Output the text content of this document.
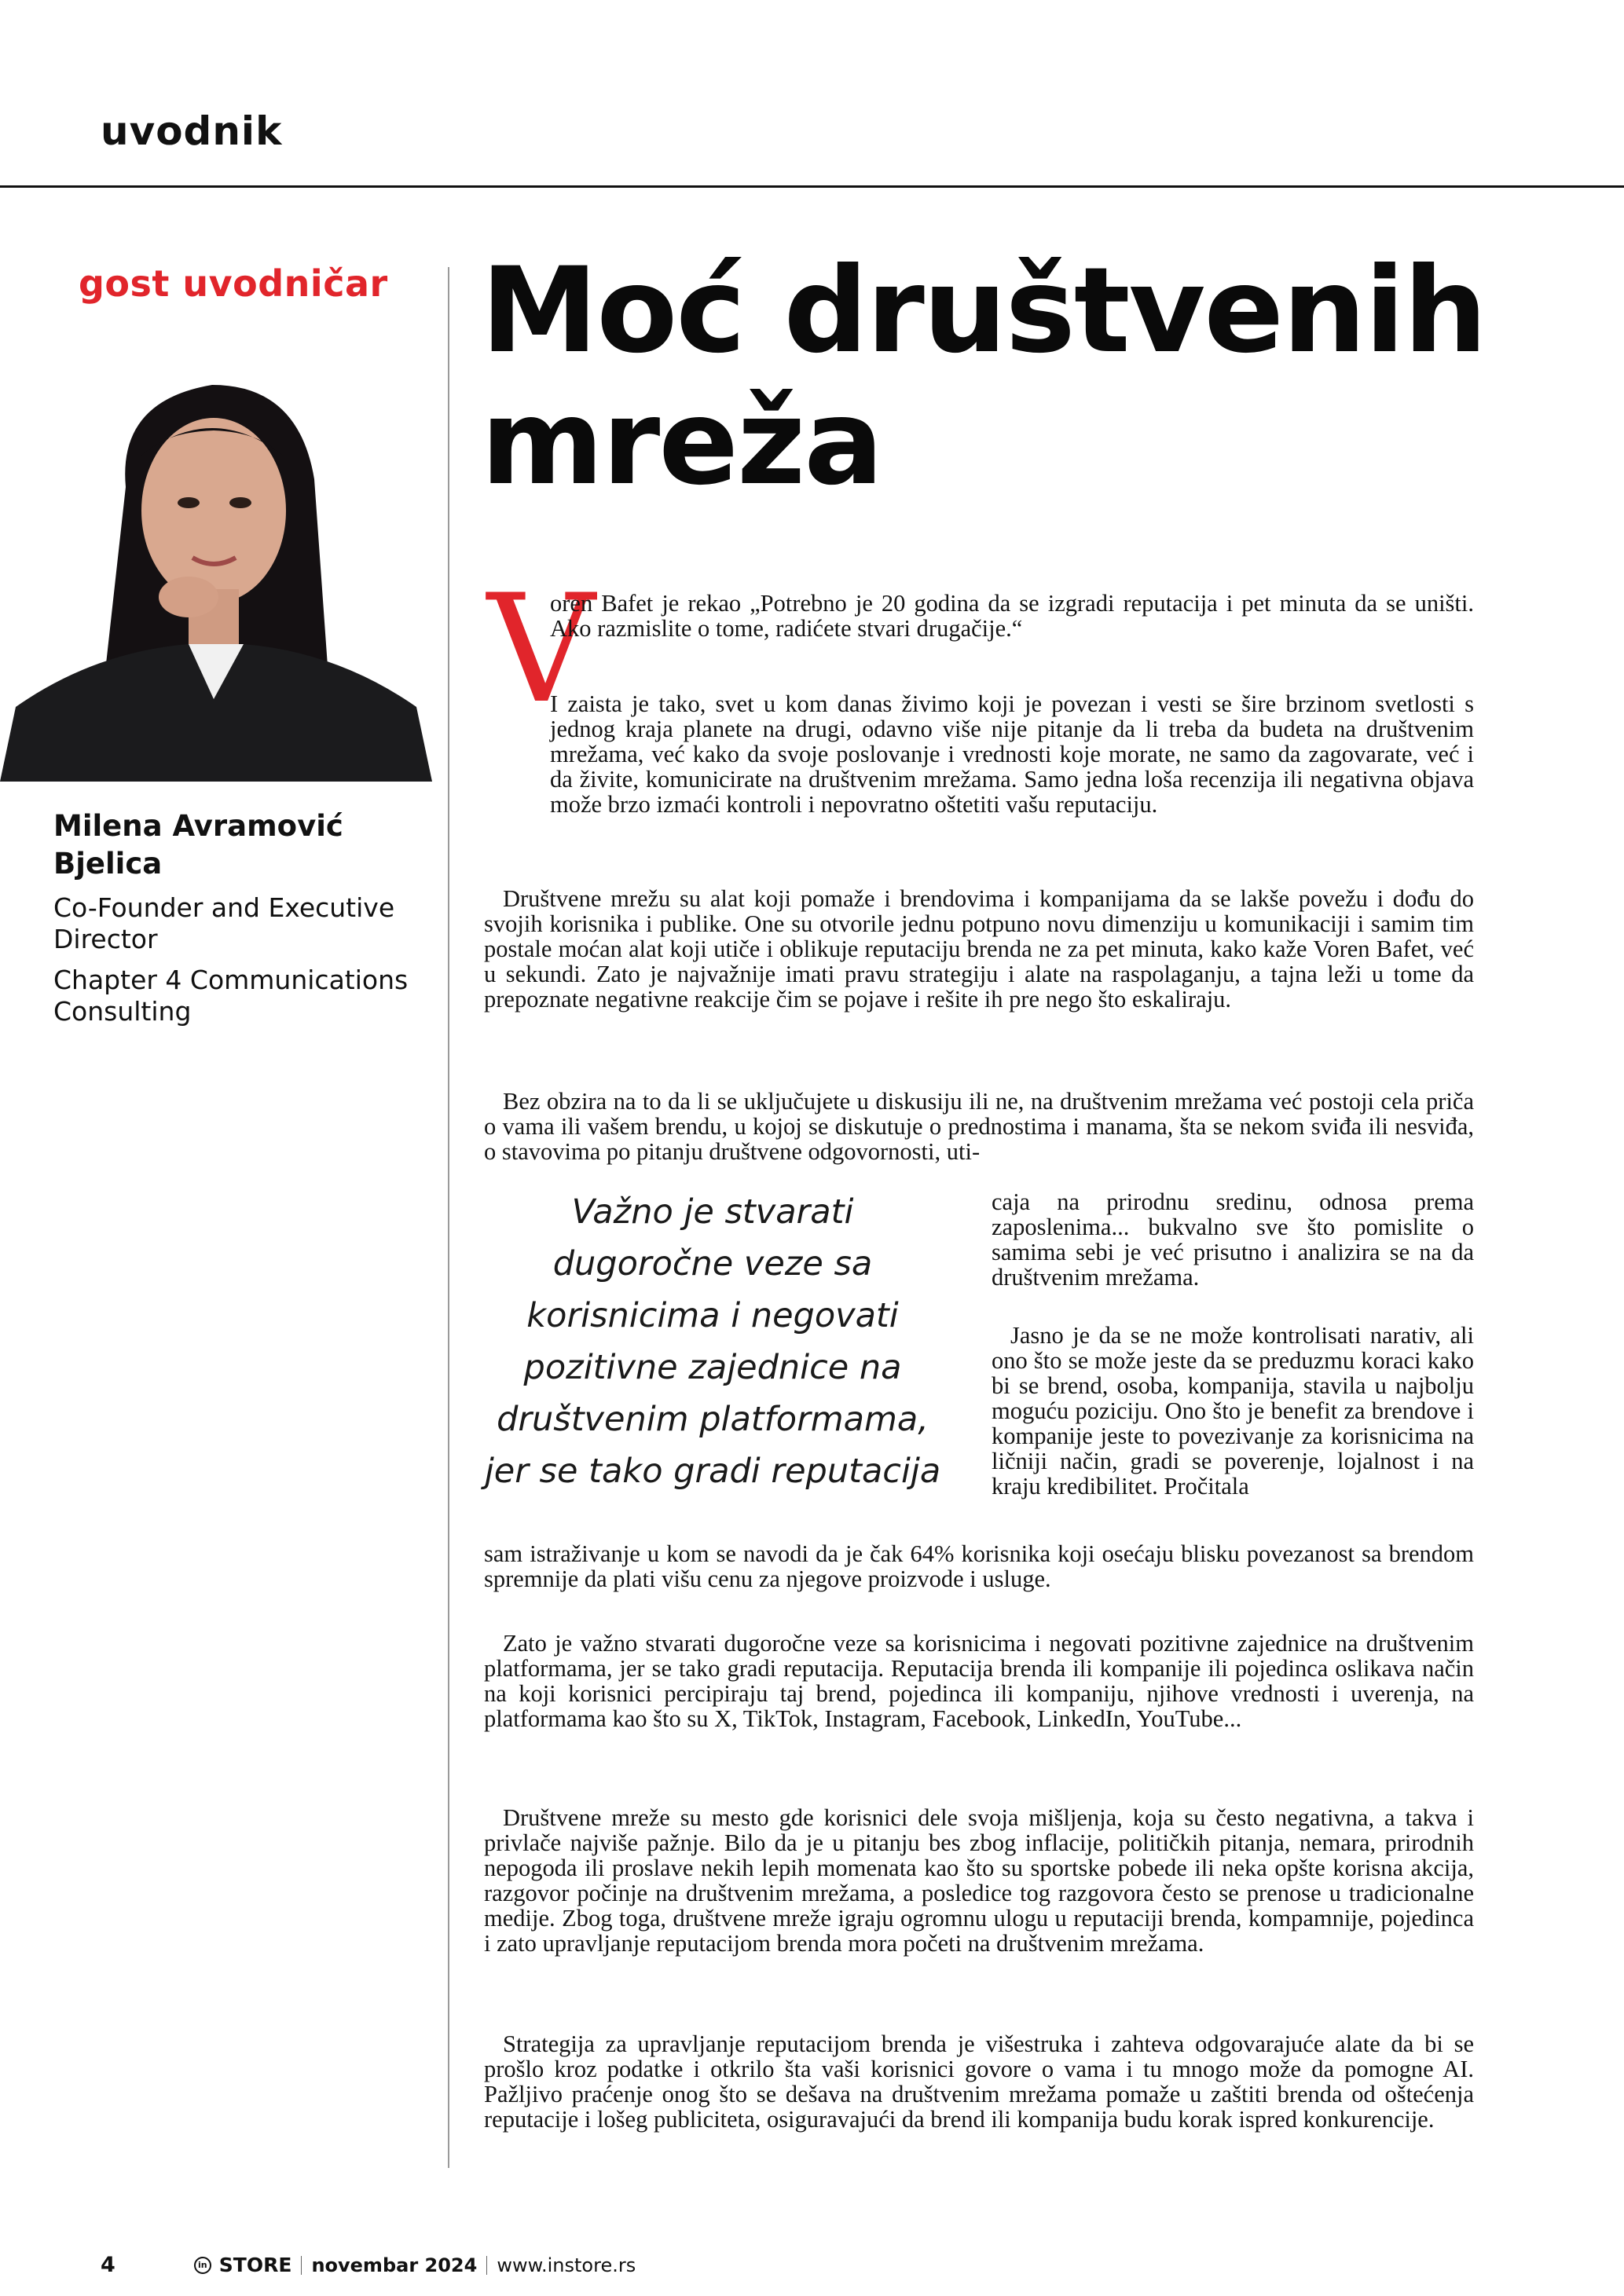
uvodnik
gost uvodničar
Milena Avramović Bjelica
Co-Founder and Executive Director
Chapter 4 Communications Consulting
Moć društvenih mreža
V

oren Bafet je rekao „Potrebno je 20 godina da se izgradi reputacija i pet minuta da se uništi. Ako razmislite o tome, radićete stvari drugačije.“

I zaista je tako, svet u kom danas živimo koji je povezan i vesti se šire brzinom svetlosti s jednog kraja planete na drugi, odavno više nije pitanje da li treba da budeta na društvenim mrežama, već kako da svoje poslovanje i vrednosti koje morate, ne samo da zagovarate, već i da živite, komunicirate na društvenim mrežama. Samo jedna loša recenzija ili negativna objava može brzo izmaći kontroli i nepovratno oštetiti vašu reputaciju.

Društvene mrežu su alat koji pomaže i brendovima i kompanijama da se lakše povežu i dođu do svojih korisnika i publike. One su otvorile jednu potpuno novu dimenziju u komunikaciji i samim tim postale moćan alat koji utiče i oblikuje reputaciju brenda ne za pet minuta, kako kaže Voren Bafet, već u sekundi. Zato je najvažnije imati pravu strategiju i alate na raspolaganju, a tajna leži u tome da prepoznate negativne reakcije čim se pojave i rešite ih pre nego što eskaliraju.

Bez obzira na to da li se uključujete u diskusiju ili ne, na društvenim mrežama već postoji cela priča o vama ili vašem brendu, u kojoj se diskutuje o prednostima i manama, šta se nekom sviđa ili nesviđa, o stavovima po pitanju društvene odgovornosti, uti-

Važno je stvarati dugoročne veze sa korisnicima i negovati pozitivne zajednice na društvenim platformama, jer se tako gradi reputacija

caja na prirodnu sredinu, odnosa prema zaposlenima... bukvalno sve što pomislite o samima sebi je već prisutno i analizira se na da društvenim mrežama.

Jasno je da se ne može kontrolisati narativ, ali ono što se može jeste da se preduzmu koraci kako bi se brend, osoba, kompanija, stavila u najbolju moguću poziciju. Ono što je benefit za brendove i kompanije jeste to povezivanje za korisnicima na ličniji način, gradi se poverenje, lojalnost i na kraju kredibilitet. Pročitala

sam istraživanje u kom se navodi da je čak 64% korisnika koji osećaju blisku povezanost sa brendom spremnije da plati višu cenu za njegove proizvode i usluge.

Zato je važno stvarati dugoročne veze sa korisnicima i negovati pozitivne zajednice na društvenim platformama, jer se tako gradi reputacija. Reputacija brenda ili kompanije ili pojedinca oslikava način na koji korisnici percipiraju taj brend, pojedinca ili kompaniju, njihove vrednosti i uverenja, na platformama kao što su X, TikTok, Instagram, Facebook, LinkedIn, YouTube...

Društvene mreže su mesto gde korisnici dele svoja mišljenja, koja su često negativna, a takva i privlače najviše pažnje. Bilo da je u pitanju bes zbog inflacije, političkih pitanja, nemara, prirodnih nepogoda ili proslave nekih lepih momenata kao što su sportske pobede ili neka opšte korisna akcija, razgovor počinje na društvenim mrežama, a posledice tog razgovora često se prenose u tradicionalne medije. Zbog toga, društvene mreže igraju ogromnu ulogu u reputaciji brenda, kompamnije, pojedinca i zato upravljanje reputacijom brenda mora početi na društvenim mrežama.

Strategija za upravljanje reputacijom brenda je višestruka i zahteva odgovarajuće alate da bi se prošlo kroz podatke i otkrilo šta vaši korisnici govore o vama i tu mnogo može da pomogne AI. Pažljivo praćenje onog što se dešava na društvenim mrežama pomaže u zaštiti brenda od oštećenja reputacije i lošeg publiciteta, osiguravajući da brend ili kompanija budu korak ispred konkurencije.

4	in STORE novembar 2024 www.instore.rs
